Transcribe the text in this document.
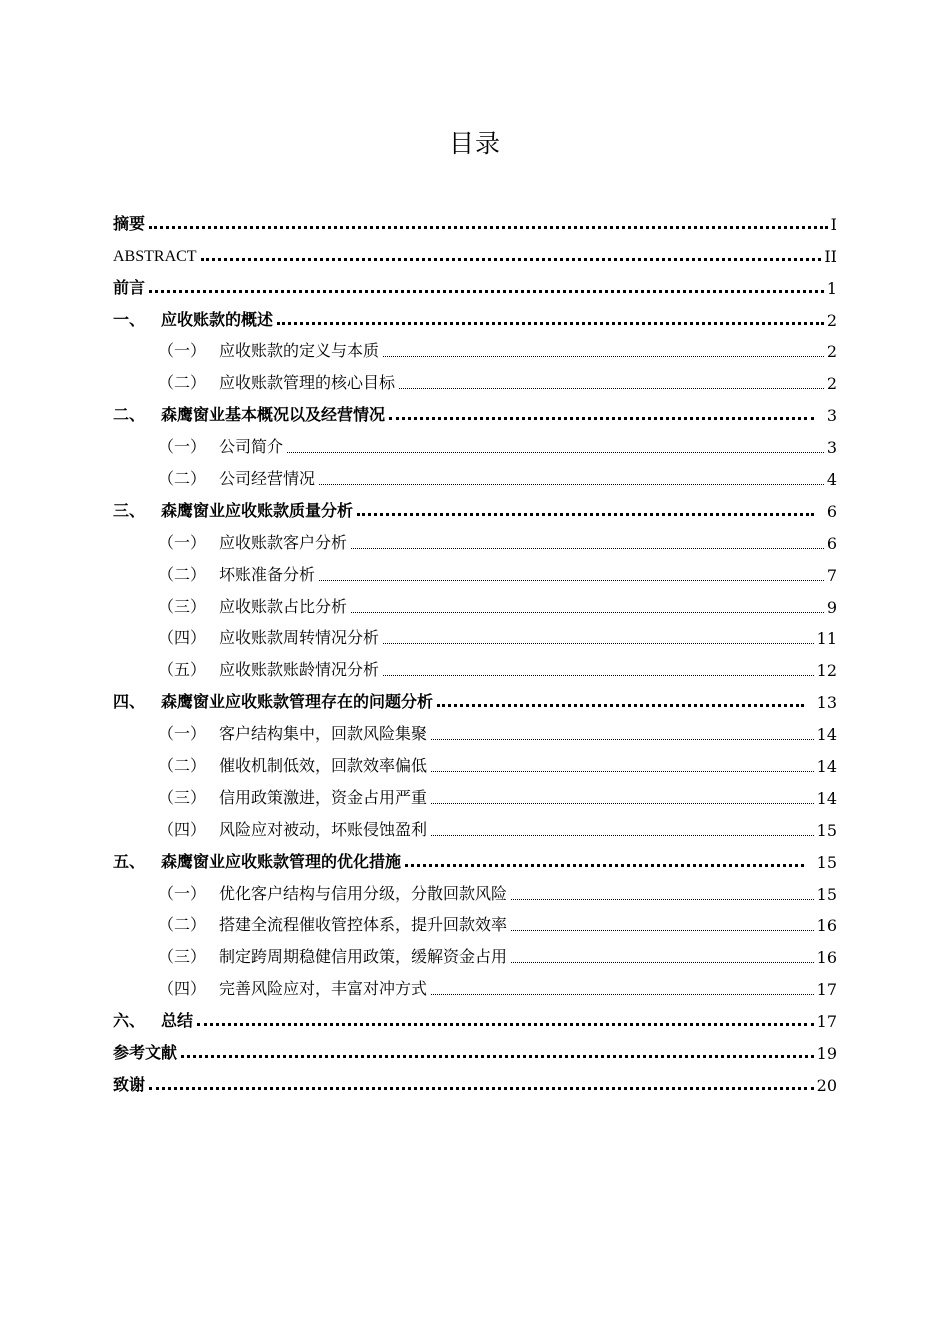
目录
摘要	I
ABSTRACT	II
前言	1
一、 应收账款的概述	2
（一） 应收账款的定义与本质	2
（二） 应收账款管理的核心目标	2
二、 森鹰窗业基本概况以及经营情况	3
（一） 公司简介	3
（二） 公司经营情况	4
三、 森鹰窗业应收账款质量分析	6
（一） 应收账款客户分析	6
（二） 坏账准备分析	7
（三） 应收账款占比分析	9
（四） 应收账款周转情况分析	11
（五） 应收账款账龄情况分析	12
四、 森鹰窗业应收账款管理存在的问题分析	13
（一） 客户结构集中，回款风险集聚	14
（二） 催收机制低效，回款效率偏低	14
（三） 信用政策激进，资金占用严重	14
（四） 风险应对被动，坏账侵蚀盈利	15
五、 森鹰窗业应收账款管理的优化措施	15
（一） 优化客户结构与信用分级，分散回款风险	15
（二） 搭建全流程催收管控体系，提升回款效率	16
（三） 制定跨周期稳健信用政策，缓解资金占用	16
（四） 完善风险应对，丰富对冲方式	17
六、 总结	17
参考文献	19
致谢	20
